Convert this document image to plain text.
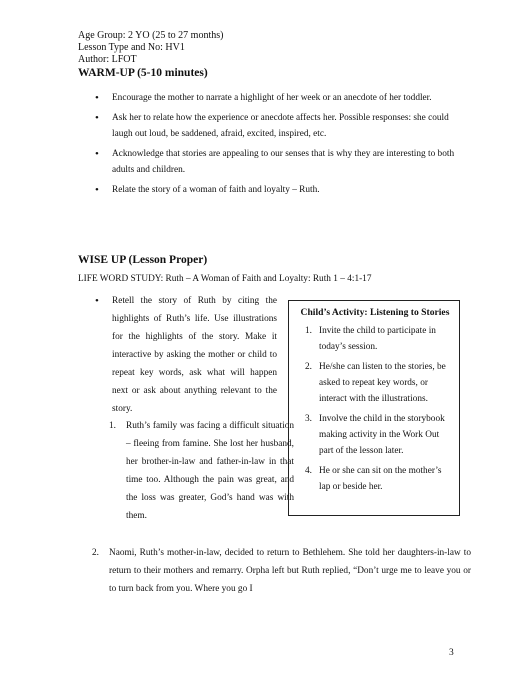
Age Group: 2 YO (25 to 27 months)
Lesson Type and No: HV1
Author: LFOT
WARM-UP (5-10 minutes)
• Encourage the mother to narrate a highlight of her week or an anecdote of her toddler.
• Ask her to relate how the experience or anecdote affects her. Possible responses: she could laugh out loud, be saddened, afraid, excited, inspired, etc.
• Acknowledge that stories are appealing to our senses that is why they are interesting to both adults and children.
• Relate the story of a woman of faith and loyalty – Ruth.
WISE UP (Lesson Proper)
LIFE WORD STUDY: Ruth – A Woman of Faith and Loyalty: Ruth 1 – 4:1-17
• Retell the story of Ruth by citing the highlights of Ruth’s life. Use illustrations for the highlights of the story. Make it interactive by asking the mother or child to repeat key words, ask what will happen next or ask about anything relevant to the story.
1. Ruth’s family was facing a difficult situation – fleeing from famine. She lost her husband, her brother-in-law and father-in-law in that time too. Although the pain was great, and the loss was greater, God’s hand was with them.
Child’s Activity: Listening to Stories
1. Invite the child to participate in today’s session.
2. He/she can listen to the stories, be asked to repeat key words, or interact with the illustrations.
3. Involve the child in the storybook making activity in the Work Out part of the lesson later.
4. He or she can sit on the mother’s lap or beside her.
2. Naomi, Ruth’s mother-in-law, decided to return to Bethlehem. She told her daughters-in-law to return to their mothers and remarry. Orpha left but Ruth replied, “Don’t urge me to leave you or to turn back from you. Where you go I
3
